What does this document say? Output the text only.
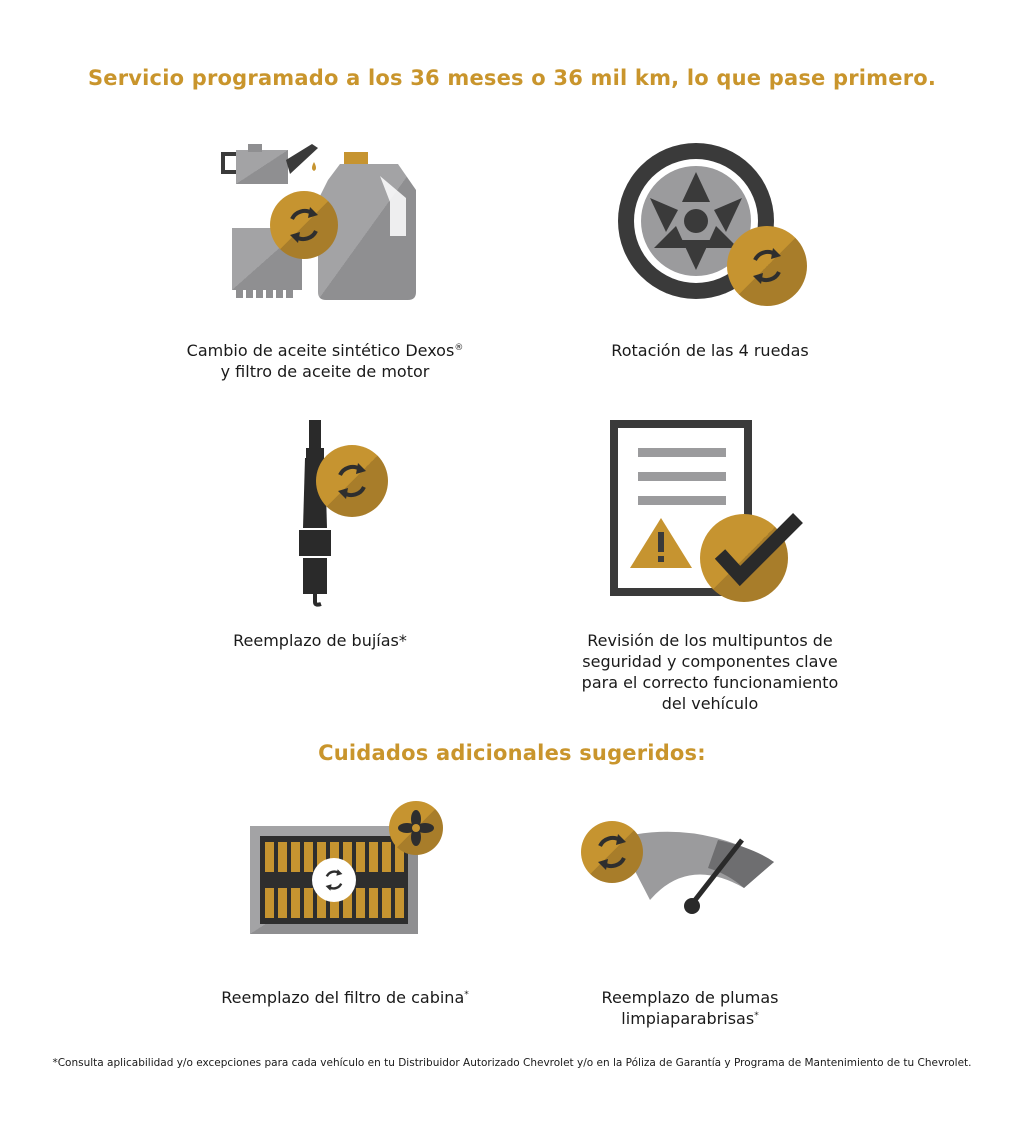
Servicio programado a los 36 meses o 36 mil km, lo que pase primero.
Cambio de aceite sintético Dexos®
y filtro de aceite de motor
Rotación de las 4 ruedas
Reemplazo de bujías*	Revisión de los multipuntos de
seguridad y componentes clave
para el correcto funcionamiento
del vehículo
Cuidados adicionales sugeridos:
Reemplazo del filtro de cabina*	Reemplazo de plumas
limpiaparabrisas*
*Consulta aplicabilidad y/o excepciones para cada vehículo en tu Distribuidor Autorizado Chevrolet y/o en la Póliza de Garantía y Programa de Mantenimiento de tu Chevrolet.
